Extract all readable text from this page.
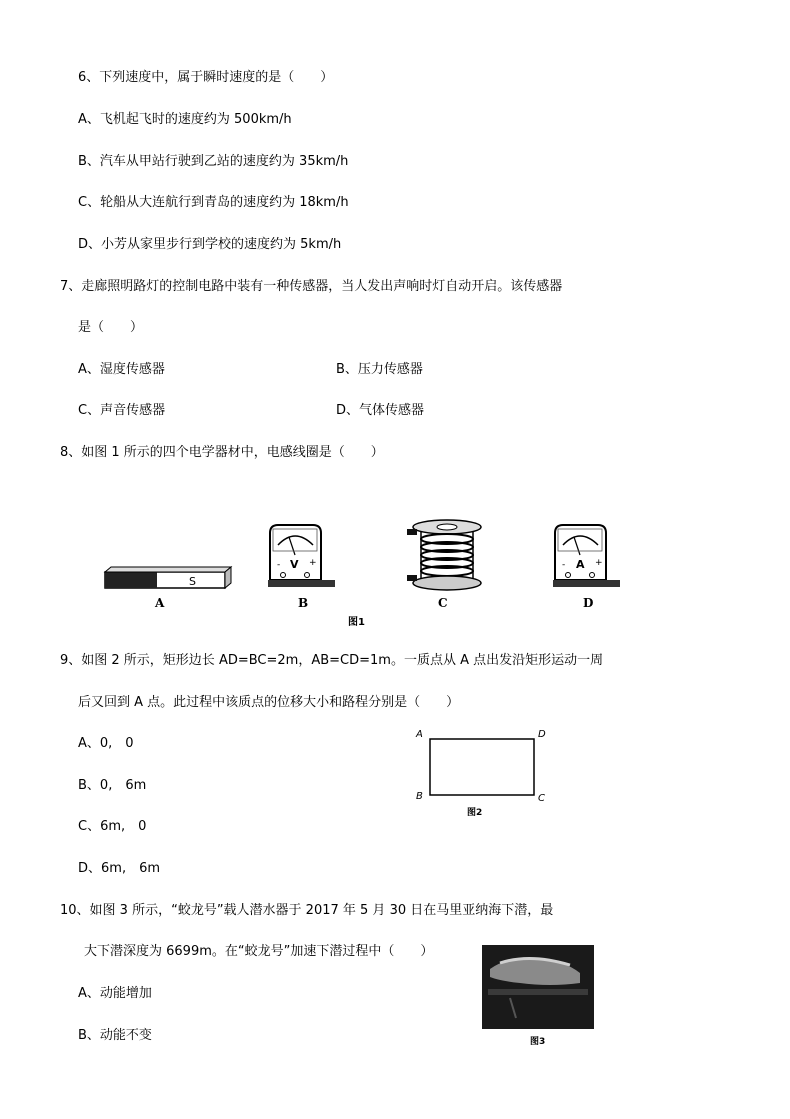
6、下列速度中，属于瞬时速度的是（　　）
A、飞机起飞时的速度约为 500km/h
B、汽车从甲站行驶到乙站的速度约为 35km/h
C、轮船从大连航行到青岛的速度约为 18km/h
D、小芳从家里步行到学校的速度约为 5km/h
7、走廊照明路灯的控制电路中装有一种传感器，当人发出声响时灯自动开启。该传感器
是（　　）
A、湿度传感器	B、压力传感器
C、声音传感器	D、气体传感器
8、如图 1 所示的四个电学器材中，电感线圈是（　　）
S
A
V
-	+
B	C
A
-	+
D
图1
9、如图 2 所示，矩形边长 AD=BC=2m，AB=CD=1m。一质点从 A 点出发沿矩形运动一周
后又回到 A 点。此过程中该质点的位移大小和路程分别是（　　）
A、0,　0
B、0,　6m
C、6m,　0
D、6m,　6m
A	D
B	C
图2
10、如图 3 所示，“蛟龙号”载人潜水器于 2017 年 5 月 30 日在马里亚纳海下潜，最
大下潜深度为 6699m。在“蛟龙号”加速下潜过程中（　　）
A、动能增加
B、动能不变	图3
